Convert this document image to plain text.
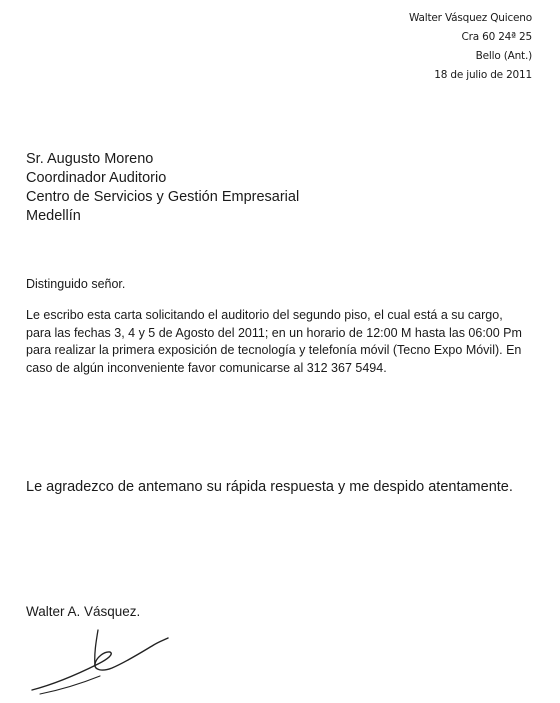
Walter Vásquez Quiceno
Cra 60 24ª 25
Bello (Ant.)
18 de julio de 2011
Sr. Augusto Moreno
Coordinador Auditorio
Centro de Servicios y Gestión Empresarial
Medellín
Distinguido señor.
Le escribo esta carta solicitando el auditorio del segundo piso, el cual está a su cargo,
para las fechas 3, 4 y 5 de Agosto del 2011; en un horario de 12:00 M hasta las 06:00 Pm
para realizar la primera exposición de tecnología y telefonía móvil (Tecno Expo Móvil). En
caso de algún inconveniente favor comunicarse al 312 367 5494.
Le agradezco de antemano su rápida respuesta y me despido atentamente.
Walter A. Vásquez.
